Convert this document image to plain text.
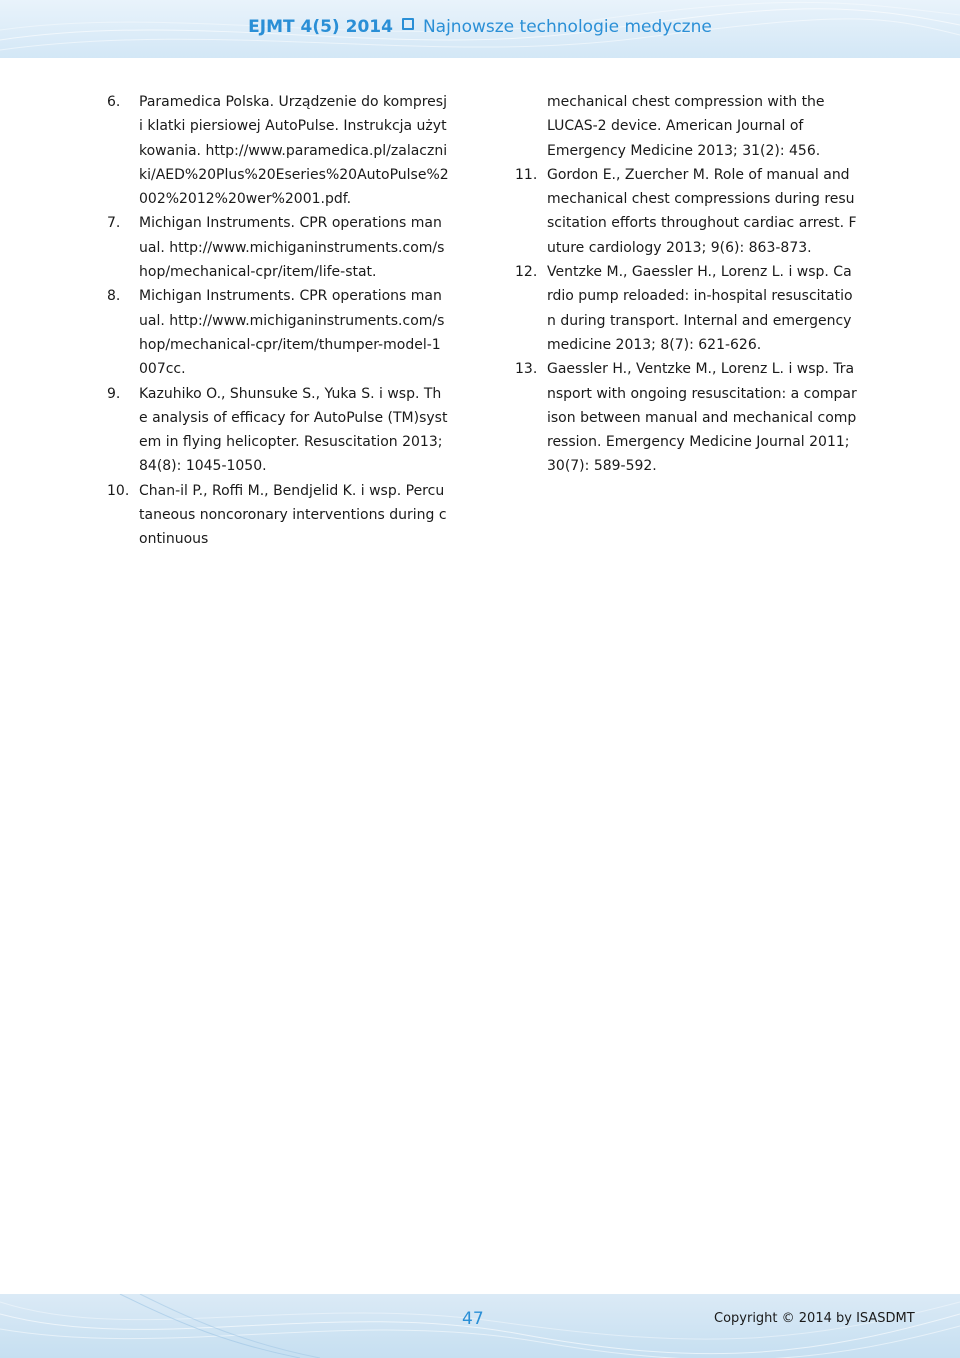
EJMT 4(5) 2014 Najnowsze technologie medyczne
6.	Paramedica Polska. Urządzenie do kompresji klatki piersiowej AutoPulse. Instrukcja użytkowania. http://www.paramedica.pl/zalaczniki/AED%20Plus%20Eseries%20AutoPulse%2002%2012%20wer%2001.pdf.
7.	Michigan Instruments. CPR operations manual. http://www.michiganinstruments.com/shop/mechanical-cpr/item/life-stat.
8.	Michigan Instruments. CPR operations manual. http://www.michiganinstruments.com/shop/mechanical-cpr/item/thumper-model-1007cc.
9.	Kazuhiko O., Shunsuke S., Yuka S. i wsp. The analysis of efficacy for AutoPulse (TM)system in flying helicopter. Resuscitation 2013; 84(8): 1045-1050.
10. Chan-il P., Roffi M., Bendjelid K. i wsp. Percutaneous noncoronary interventions during continuous
mechanical chest compression with the LUCAS-2 device. American Journal of Emergency Medicine 2013; 31(2): 456.
11. Gordon E., Zuercher M. Role of manual and mechanical chest compressions during resuscitation efforts throughout cardiac arrest. Future cardiology 2013; 9(6): 863-873.
12. Ventzke M., Gaessler H., Lorenz L. i wsp. Cardio pump reloaded: in-hospital resuscitation during transport. Internal and emergency medicine 2013; 8(7): 621-626.
13. Gaessler H., Ventzke M., Lorenz L. i wsp. Transport with ongoing resuscitation: a comparison between manual and mechanical compression. Emergency Medicine Journal 2011; 30(7): 589-592.
47	Copyright © 2014 by ISASDMT
